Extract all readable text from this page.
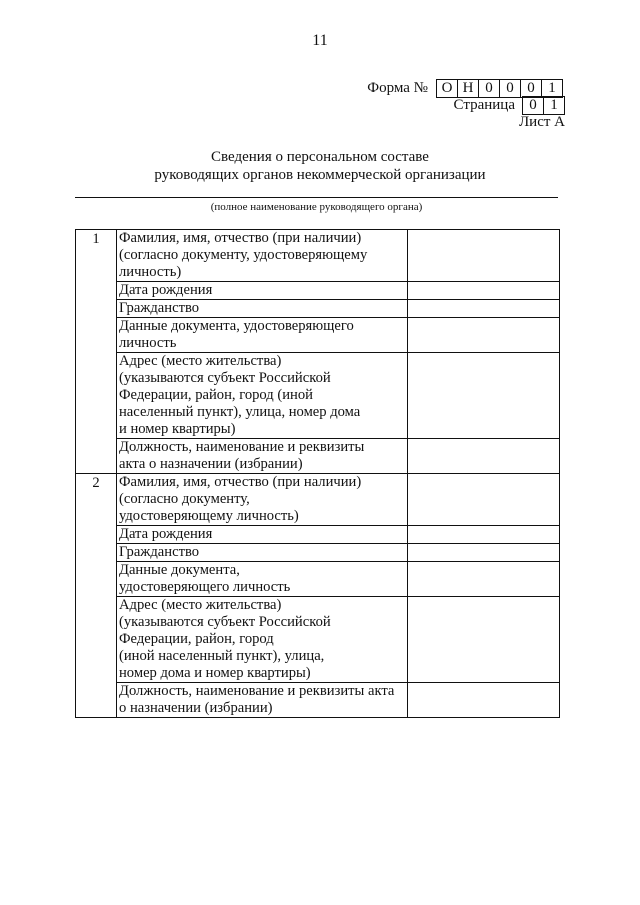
11
Форма № О Н 0 0 0 1
Страница 0 1
Лист А
Сведения о персональном составе
руководящих органов некоммерческой организации
(полное наименование руководящего органа)
1	Фамилия, имя, отчество (при наличии)
(согласно документу, удостоверяющему
личность)	

	Дата рождения	

	Гражданство	

	Данные документа, удостоверяющего
личность	

	Адрес (место жительства)
(указываются субъект Российской
Федерации, район, город (иной
населенный пункт), улица, номер дома
и номер квартиры)	

	Должность, наименование и реквизиты
акта о назначении (избрании)	

2	Фамилия, имя, отчество (при наличии)
(согласно документу,
удостоверяющему личность)	

	Дата рождения	

	Гражданство	

	Данные документа,
удостоверяющего личность	

	Адрес (место жительства)
(указываются субъект Российской
Федерации, район, город
(иной населенный пункт), улица,
номер дома и номер квартиры)	

	Должность, наименование и реквизиты акта
о назначении (избрании)	
